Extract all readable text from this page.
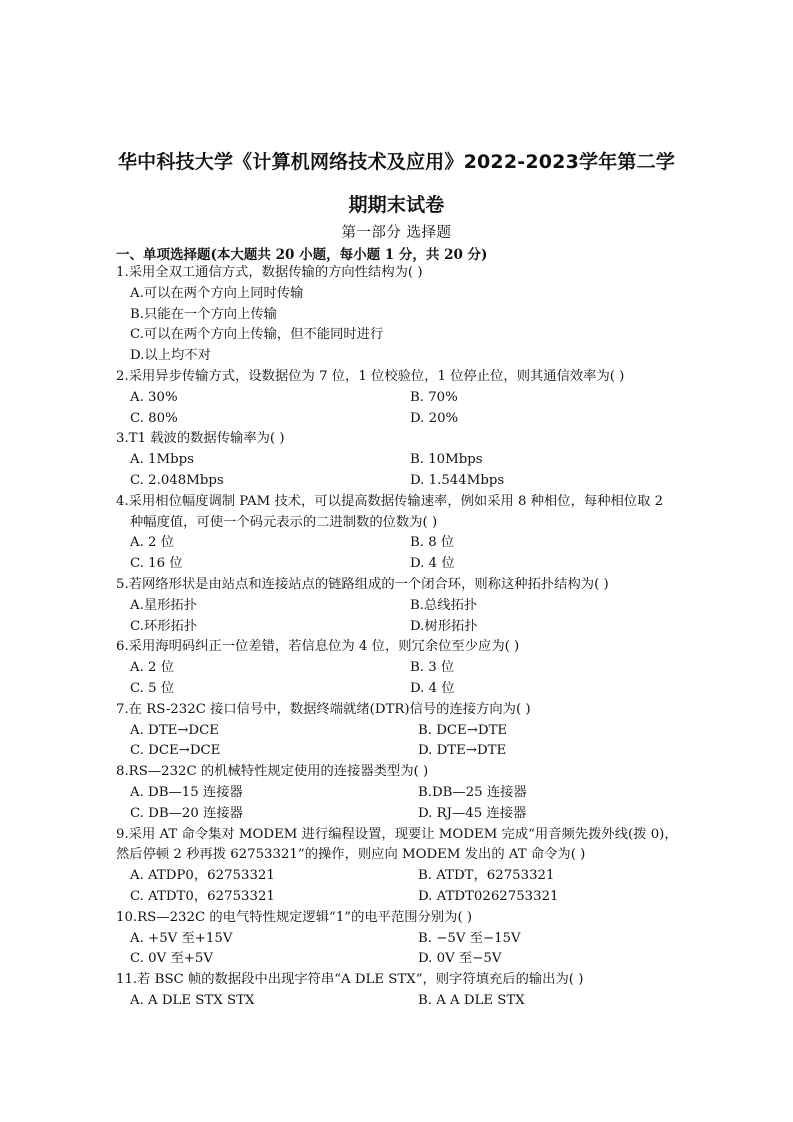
华中科技大学《计算机网络技术及应用》2022-2023学年第二学
期期末试卷
第一部分 选择题
一、单项选择题(本大题共 20 小题，每小题 1 分，共 20 分)
1.采用全双工通信方式，数据传输的方向性结构为( )
A.可以在两个方向上同时传输
B.只能在一个方向上传输
C.可以在两个方向上传输，但不能同时进行
D.以上均不对
2.采用异步传输方式，设数据位为 7 位，1 位校验位，1 位停止位，则其通信效率为( )
A. 30%	B. 70%
C. 80%	D. 20%
3.T1 载波的数据传输率为( )
A. 1Mbps	B. 10Mbps
C. 2.048Mbps	D. 1.544Mbps
4.采用相位幅度调制 PAM 技术，可以提高数据传输速率，例如采用 8 种相位，每种相位取 2
种幅度值，可使一个码元表示的二进制数的位数为( )
A. 2 位	B. 8 位
C. 16 位	D. 4 位
5.若网络形状是由站点和连接站点的链路组成的一个闭合环，则称这种拓扑结构为( )
A.星形拓扑	B.总线拓扑
C.环形拓扑	D.树形拓扑
6.采用海明码纠正一位差错，若信息位为 4 位，则冗余位至少应为( )
A. 2 位	B. 3 位
C. 5 位	D. 4 位
7.在 RS-232C 接口信号中，数据终端就绪(DTR)信号的连接方向为( )
A. DTE→DCE	B. DCE→DTE
C. DCE→DCE	D. DTE→DTE
8.RS—232C 的机械特性规定使用的连接器类型为( )
A. DB—15 连接器	B.DB—25 连接器
C. DB—20 连接器	D. RJ—45 连接器
9.采用 AT 命令集对 MODEM 进行编程设置，现要让 MODEM 完成“用音频先拨外线(拨 0)，
然后停顿 2 秒再拨 62753321”的操作，则应向 MODEM 发出的 AT 命令为( )
A. ATDP0，62753321	B. ATDT，62753321
C. ATDT0，62753321	D. ATDT0262753321
10.RS—232C 的电气特性规定逻辑“1”的电平范围分别为( )
A. +5V 至+15V	B. −5V 至−15V
C. 0V 至+5V	D. 0V 至−5V
11.若 BSC 帧的数据段中出现字符串“A DLE STX”，则字符填充后的输出为( )
A. A DLE STX STX	B. A A DLE STX
